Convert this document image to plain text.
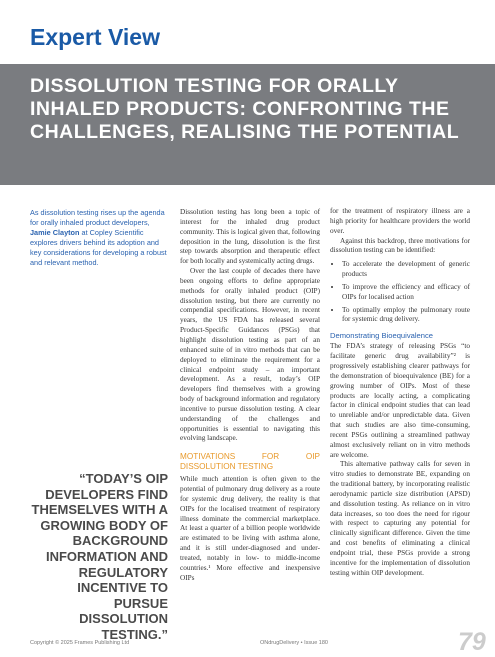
Expert View
DISSOLUTION TESTING FOR ORALLY INHALED PRODUCTS: CONFRONTING THE CHALLENGES, REALISING THE POTENTIAL

As dissolution testing rises up the agenda for orally inhaled product developers, Jamie Clayton at Copley Scientific explores drivers behind its adoption and key considerations for developing a robust and relevant method.

“TODAY’S OIP DEVELOPERS FIND THEMSELVES WITH A GROWING BODY OF BACKGROUND INFORMATION AND REGULATORY INCENTIVE TO PURSUE DISSOLUTION TESTING.”

Dissolution testing has long been a topic of interest for the inhaled drug product community. This is logical given that, following deposition in the lung, dissolution is the first step towards absorption and therapeutic effect for both locally and systemically acting drugs.

Over the last couple of decades there have been ongoing efforts to define appropriate methods for orally inhaled product (OIP) dissolution testing, but there are currently no compendial specifications. However, in recent years, the US FDA has released several Product-Specific Guidances (PSGs) that highlight dissolution testing as part of an enhanced suite of in vitro methods that can be deployed to eliminate the requirement for a clinical endpoint study – an important development. As a result, today’s OIP developers find themselves with a growing body of background information and regulatory incentive to pursue dissolution testing. A clear understanding of the challenges and opportunities is essential to navigating this evolving landscape.

MOTIVATIONS FOR OIP DISSOLUTION TESTING

While much attention is often given to the potential of pulmonary drug delivery as a route for systemic drug delivery, the reality is that OIPs for the localised treatment of respiratory illness dominate the commercial marketplace. At least a quarter of a billion people worldwide are estimated to be living with asthma alone, and it is still under-diagnosed and under-treated, notably in low- to middle-income countries.¹ More effective and inexpensive OIPs

for the treatment of respiratory illness are a high priority for healthcare providers the world over.

Against this backdrop, three motivations for dissolution testing can be identified:

• To accelerate the development of generic products
• To improve the efficiency and efficacy of OIPs for localised action
• To optimally employ the pulmonary route for systemic drug delivery.
Demonstrating Bioequivalence

The FDA’s strategy of releasing PSGs “to facilitate generic drug availability”² is progressively establishing clearer pathways for the demonstration of bioequivalence (BE) for a growing number of OIPs. Most of these products are locally acting, a complicating factor in clinical endpoint studies that can lead to unreliable and/or unpredictable data. Given that such studies are also time-consuming, recent PSGs outlining a streamlined pathway almost exclusively reliant on in vitro methods are welcome.

This alternative pathway calls for seven in vitro studies to demonstrate BE, expanding on the traditional battery, by incorporating realistic aerodynamic particle size distribution (APSD) and dissolution testing. As reliance on in vitro data increases, so too does the need for rigour with respect to capturing any potential for clinically significant difference. Given the time and cost benefits of eliminating a clinical endpoint trial, these PSGs provide a strong incentive for the implementation of dissolution testing within OIP development.

Copyright © 2025 Frames Publishing Ltd	ONdrugDelivery • Issue 180	79
